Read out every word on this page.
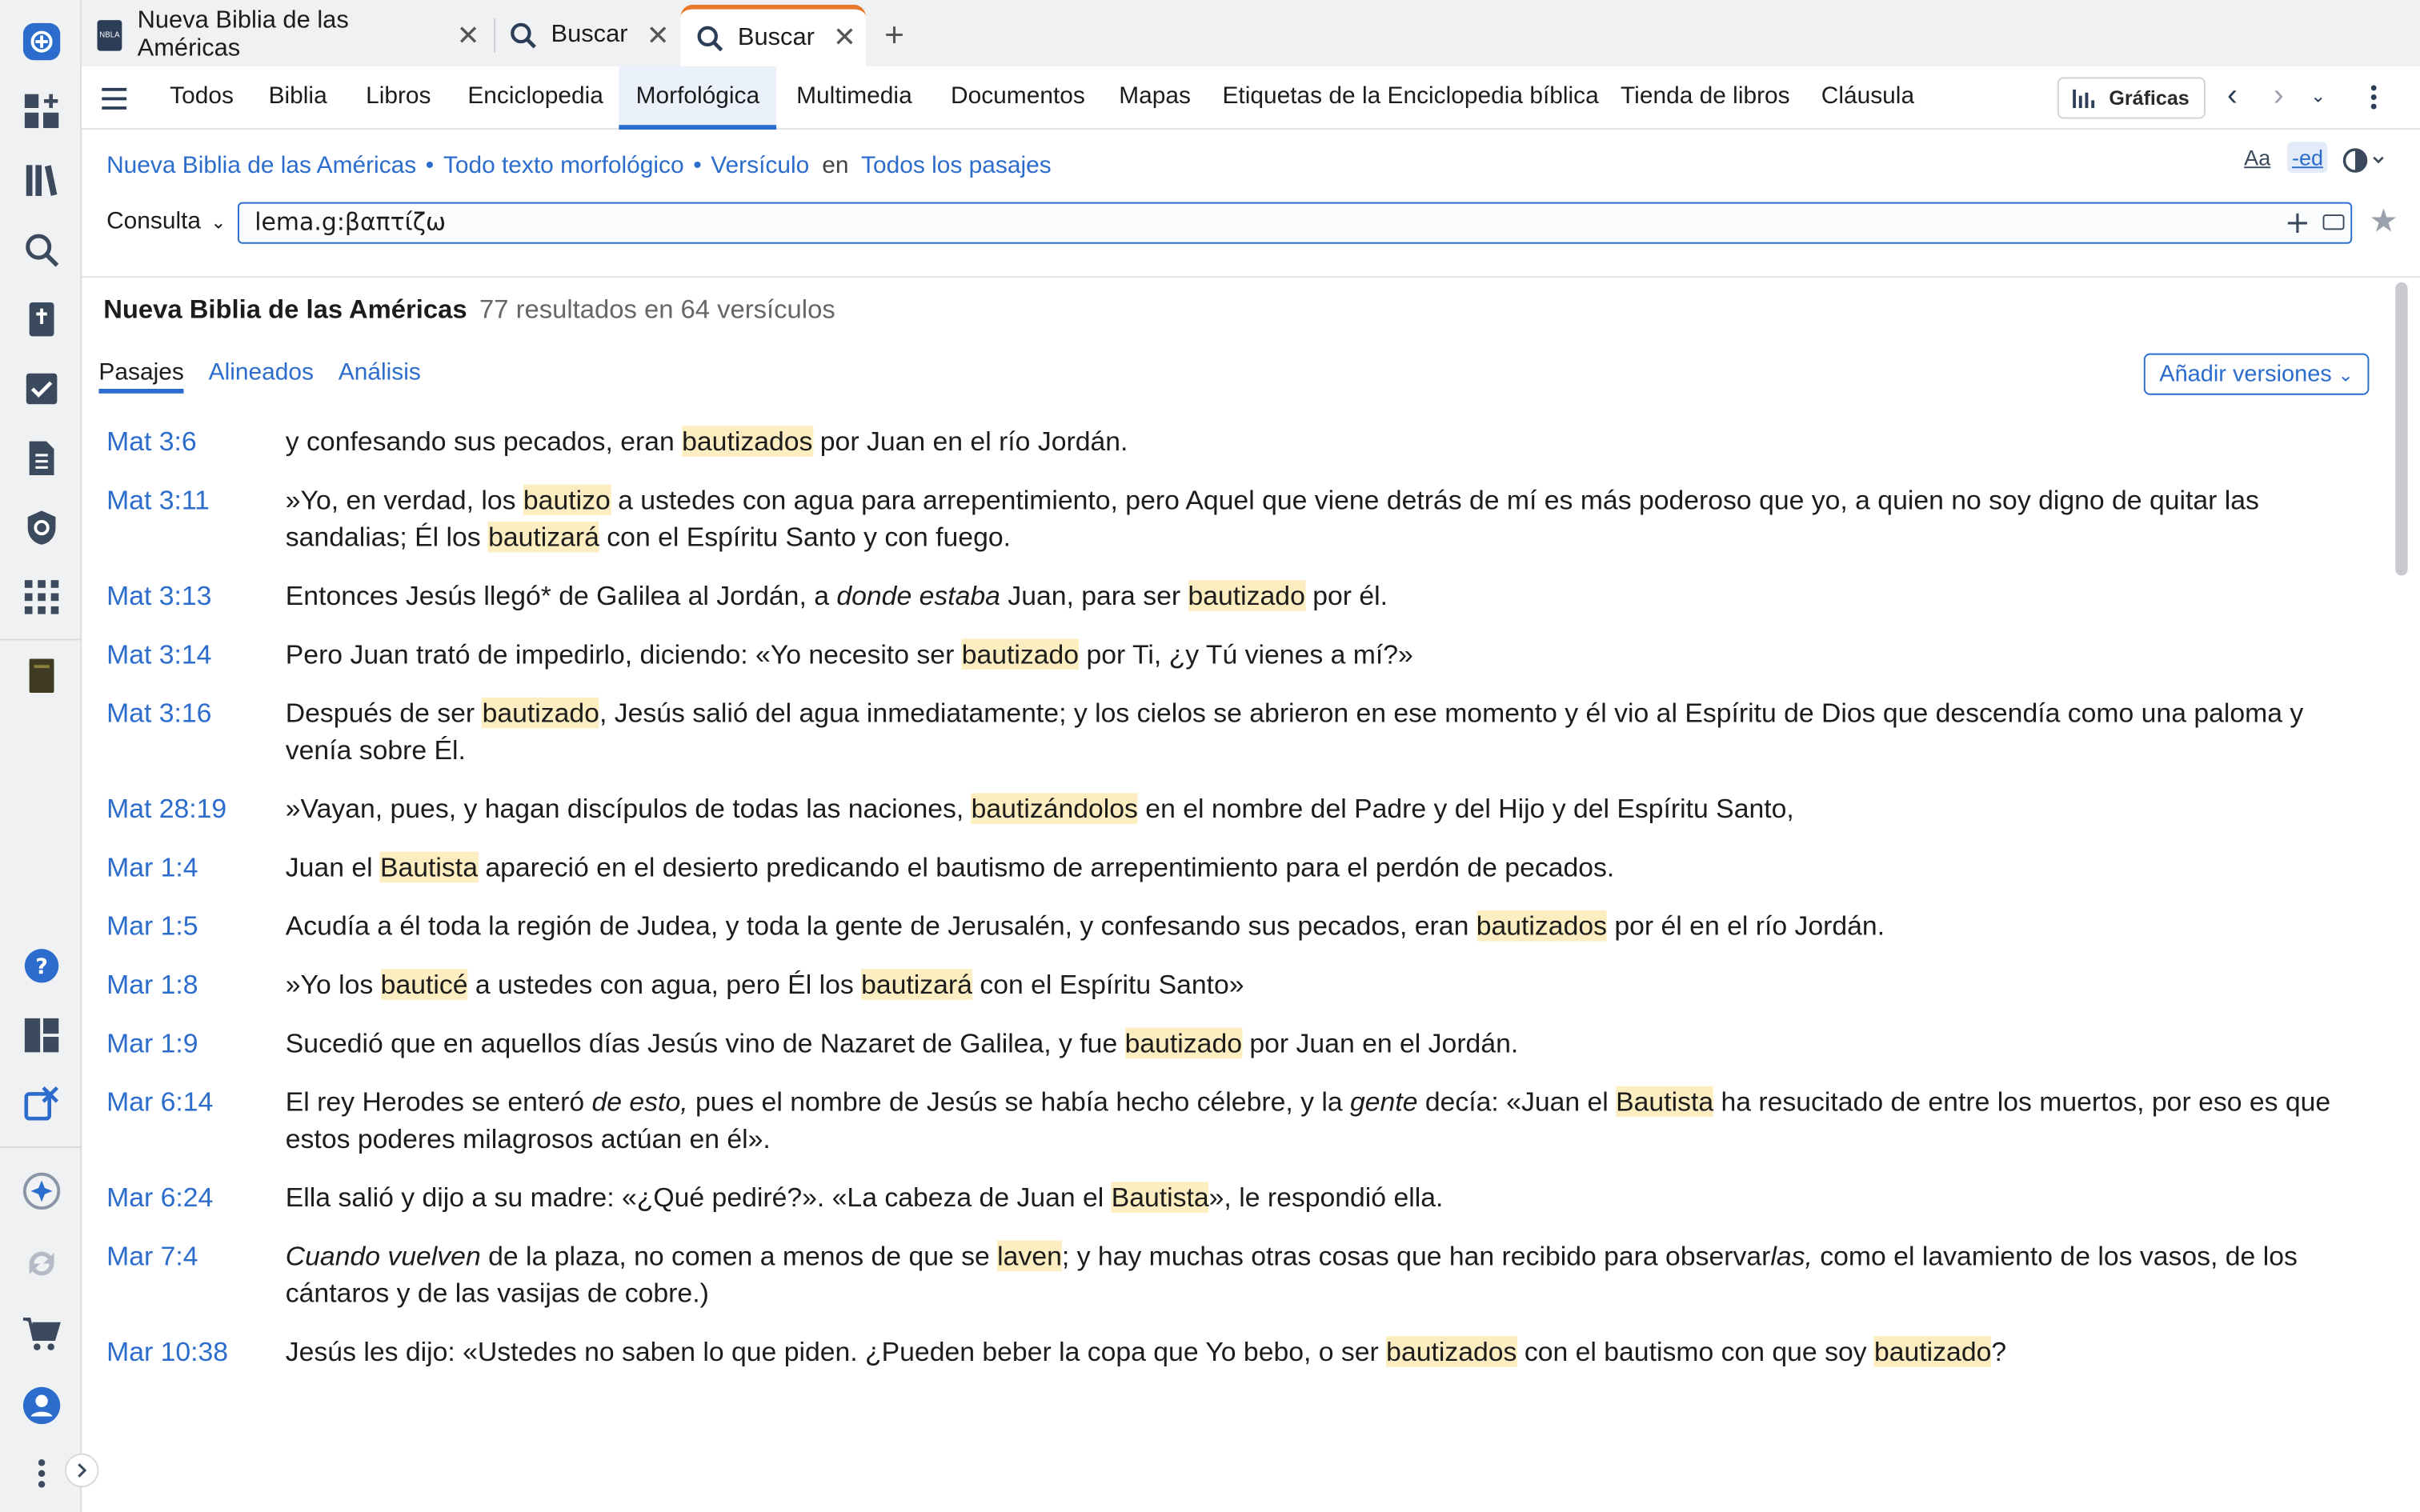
?
NBLA
Nueva Biblia de las Américas	✕	Buscar ✕	Buscar ✕ +
Todos	Biblia	Libros	Enciclopedia	Morfológica	Multimedia	Documentos	Mapas	Etiquetas de la Enciclopedia bíblica Tienda de libros	Cláusula	Gráficas ‹ ›	⌄
Nueva Biblia de las Américas • Todo texto morfológico • Versículo en Todos los pasajes	Aa	-ed
Consulta ⌄	lema.g:βαπτίζω	+	★
Nueva Biblia de las Américas 77 resultados en 64 versículos
Pasajes Alineados Análisis	Añadir versiones ⌄
Mat 3:6	y confesando sus pecados, eran bautizados por Juan en el río Jordán.
Mat 3:11	»Yo, en verdad, los bautizo a ustedes con agua para arrepentimiento, pero Aquel que viene detrás de mí es más poderoso que yo, a quien no soy digno de quitar las sandalias; Él los bautizará con el Espíritu Santo y con fuego.
Mat 3:13	Entonces Jesús llegó* de Galilea al Jordán, a donde estaba Juan, para ser bautizado por él.
Mat 3:14	Pero Juan trató de impedirlo, diciendo: «Yo necesito ser bautizado por Ti, ¿y Tú vienes a mí?»
Mat 3:16	Después de ser bautizado, Jesús salió del agua inmediatamente; y los cielos se abrieron en ese momento y él vio al Espíritu de Dios que descendía como una paloma y venía sobre Él.
Mat 28:19	»Vayan, pues, y hagan discípulos de todas las naciones, bautizándolos en el nombre del Padre y del Hijo y del Espíritu Santo,
Mar 1:4	Juan el Bautista apareció en el desierto predicando el bautismo de arrepentimiento para el perdón de pecados.
Mar 1:5	Acudía a él toda la región de Judea, y toda la gente de Jerusalén, y confesando sus pecados, eran bautizados por él en el río Jordán.
Mar 1:8	»Yo los bauticé a ustedes con agua, pero Él los bautizará con el Espíritu Santo»
Mar 1:9	Sucedió que en aquellos días Jesús vino de Nazaret de Galilea, y fue bautizado por Juan en el Jordán.
Mar 6:14	El rey Herodes se enteró de esto, pues el nombre de Jesús se había hecho célebre, y la gente decía: «Juan el Bautista ha resucitado de entre los muertos, por eso es que estos poderes milagrosos actúan en él».
Mar 6:24	Ella salió y dijo a su madre: «¿Qué pediré?». «La cabeza de Juan el Bautista», le respondió ella.
Mar 7:4	Cuando vuelven de la plaza, no comen a menos de que se laven; y hay muchas otras cosas que han recibido para observarlas, como el lavamiento de los vasos, de los cántaros y de las vasijas de cobre.)
Mar 10:38	Jesús les dijo: «Ustedes no saben lo que piden. ¿Pueden beber la copa que Yo bebo, o ser bautizados con el bautismo con que soy bautizado?
